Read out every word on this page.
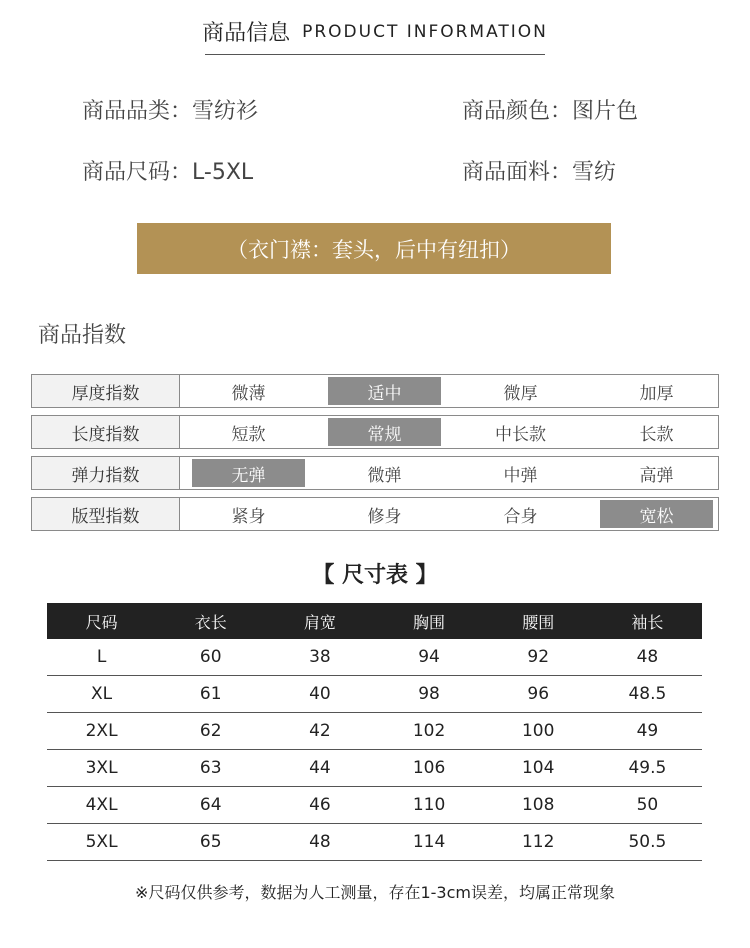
商品信息 PRODUCT INFORMATION
商品品类：雪纺衫	商品颜色：图片色
商品尺码：L-5XL	商品面料：雪纺
（衣门襟：套头，后中有纽扣）
商品指数
厚度指数	微薄	适中	微厚	加厚
长度指数	短款	常规	中长款	长款
弹力指数	无弹	微弹	中弹	高弹
版型指数	紧身	修身	合身	宽松
【 尺寸表 】
尺码	衣长	肩宽	胸围	腰围	袖长
L	60	38	94	92	48
XL	61	40	98	96	48.5
2XL	62	42	102	100	49
3XL	63	44	106	104	49.5
4XL	64	46	110	108	50
5XL	65	48	114	112	50.5
※尺码仅供参考，数据为人工测量，存在1-3cm误差，均属正常现象
